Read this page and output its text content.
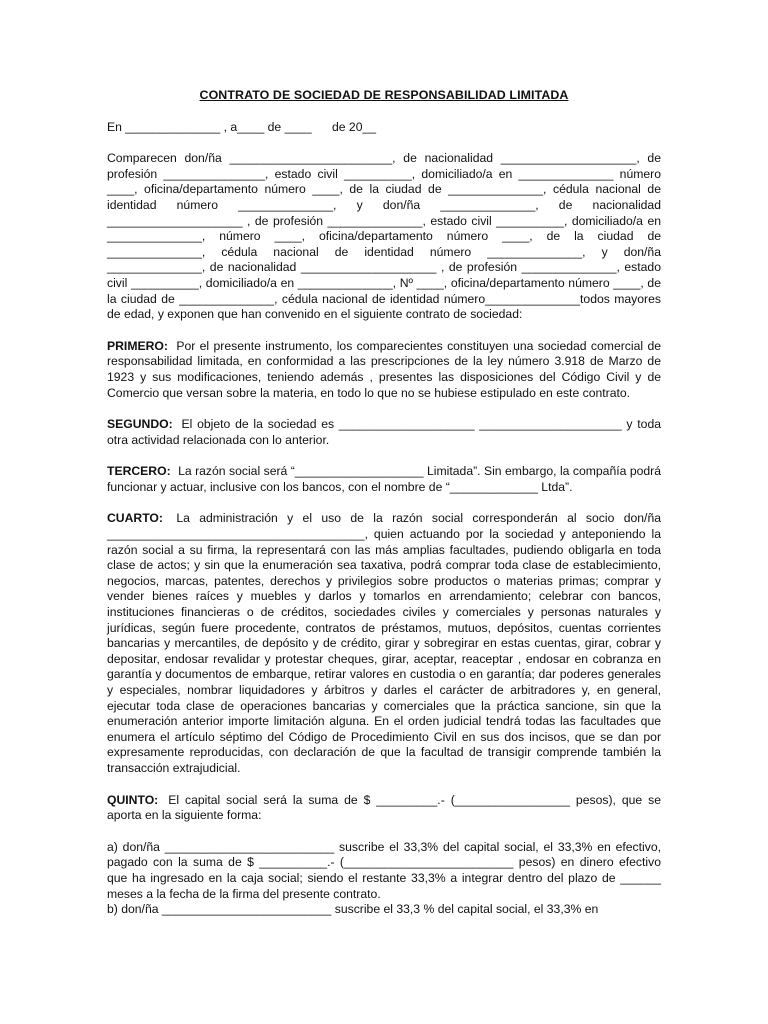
CONTRATO DE SOCIEDAD DE RESPONSABILIDAD LIMITADA
En ______________ , a____ de ____      de 20__
Comparecen don/ña ________________________, de nacionalidad ____________________, de profesión _______________, estado civil __________, domiciliado/a en ______________ número ____, oficina/departamento número ____, de la ciudad de ______________, cédula nacional de identidad número ______________, y don/ña ______________, de nacionalidad ____________________ , de profesión ______________, estado civil __________, domiciliado/a en ______________, número ____, oficina/departamento número ____, de la ciudad de ______________, cédula nacional de identidad número ______________, y don/ña ______________, de nacionalidad ____________________ , de profesión ______________, estado civil __________, domiciliado/a en ______________, Nº ____, oficina/departamento número ____, de la ciudad de ______________, cédula nacional de identidad número______________todos mayores de edad, y exponen que han convenido en el siguiente contrato de sociedad:
PRIMERO: Por el presente instrumento, los comparecientes constituyen una sociedad comercial de responsabilidad limitada, en conformidad a las prescripciones de la ley número 3.918 de Marzo de 1923 y sus modificaciones, teniendo además , presentes las disposiciones del Código Civil y de Comercio que versan sobre la materia, en todo lo que no se hubiese estipulado en este contrato.
SEGUNDO: El objeto de la sociedad es ____________________ _____________________ y toda otra actividad relacionada con lo anterior.
TERCERO: La razón social será “___________________ Limitada”. Sin embargo, la compañía podrá funcionar y actuar, inclusive con los bancos, con el nombre de “_____________ Ltda”.
CUARTO: La administración y el uso de la razón social corresponderán al socio don/ña ______________________________________, quien actuando por la sociedad y anteponiendo la razón social a su firma, la representará con las más amplias facultades, pudiendo obligarla en toda clase de actos; y sin que la enumeración sea taxativa, podrá comprar toda clase de establecimiento, negocios, marcas, patentes, derechos y privilegios sobre productos o materias primas; comprar y vender bienes raíces y muebles y darlos y tomarlos en arrendamiento; celebrar con bancos, instituciones financieras o de créditos, sociedades civiles y comerciales y personas naturales y jurídicas, según fuere procedente, contratos de préstamos, mutuos, depósitos, cuentas corrientes bancarias y mercantiles, de depósito y de crédito, girar y sobregirar en estas cuentas, girar, cobrar y depositar, endosar revalidar y protestar cheques, girar, aceptar, reaceptar , endosar en cobranza en garantía y documentos de embarque, retirar valores en custodia o en garantía; dar poderes generales y especiales, nombrar liquidadores y árbitros y darles el carácter de arbitradores y, en general, ejecutar toda clase de operaciones bancarias y comerciales que la práctica sancione, sin que la enumeración anterior importe limitación alguna. En el orden judicial tendrá todas las facultades que enumera el artículo séptimo del Código de Procedimiento Civil en sus dos incisos, que se dan por expresamente reproducidas, con declaración de que la facultad de transigir comprende también la transacción extrajudicial.
QUINTO: El capital social será la suma de $ _________.- (_________________ pesos), que se aporta en la siguiente forma:
a) don/ña _________________________ suscribe el 33,3% del capital social, el 33,3% en efectivo, pagado con la suma de $ __________.- (_________________________ pesos) en dinero efectivo que ha ingresado en la caja social; siendo el restante 33,3% a integrar dentro del plazo de ______ meses a la fecha de la firma del presente contrato.
b) don/ña _________________________ suscribe el 33,3 % del capital social, el 33,3% en
